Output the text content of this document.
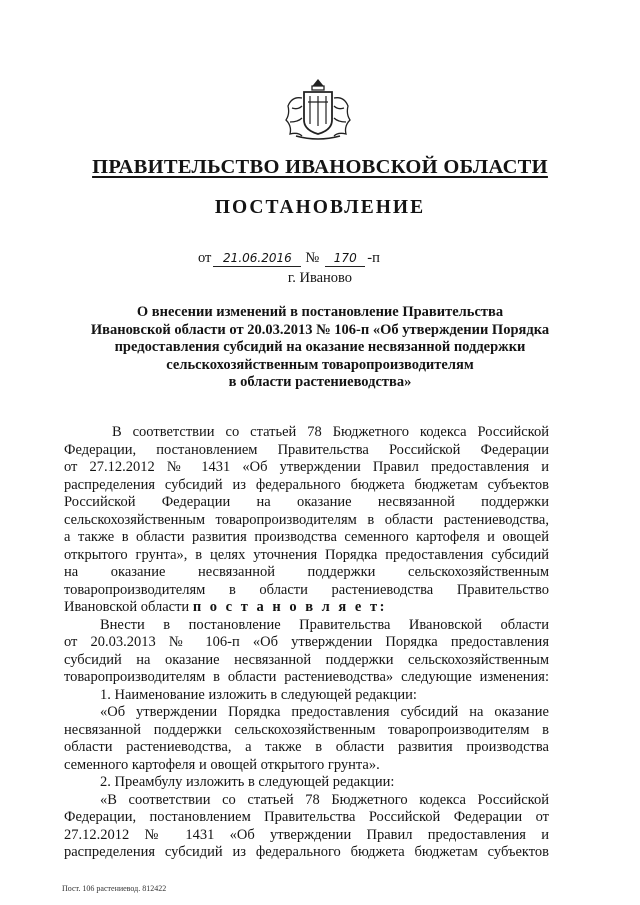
ПРАВИТЕЛЬСТВО ИВАНОВСКОЙ ОБЛАСТИ
ПОСТАНОВЛЕНИЕ
от 21.06.2016 № 170 -п
г. Иваново
О внесении изменений в постановление Правительства
Ивановской области от 20.03.2013 № 106-п «Об утверждении Порядка
предоставления субсидий на оказание несвязанной поддержки
сельскохозяйственным товаропроизводителям
в области растениеводства»
В соответствии со статьей 78 Бюджетного кодекса Российской
Федерации, постановлением Правительства Российской Федерации
от 27.12.2012 № 1431 «Об утверждении Правил предоставления и
распределения субсидий из федерального бюджета бюджетам субъектов
Российской Федерации на оказание несвязанной поддержки
сельскохозяйственным товаропроизводителям в области растениеводства,
а также в области развития производства семенного картофеля и овощей
открытого грунта», в целях уточнения Порядка предоставления субсидий
на оказание несвязанной поддержки сельскохозяйственным
товаропроизводителям в области растениеводства Правительство
Ивановской области п о с т а н о в л я е т:
Внести в постановление Правительства Ивановской области
от 20.03.2013 № 106-п «Об утверждении Порядка предоставления
субсидий на оказание несвязанной поддержки сельскохозяйственным
товаропроизводителям в области растениеводства» следующие изменения:
1. Наименование изложить в следующей редакции:
«Об утверждении Порядка предоставления субсидий на оказание
несвязанной поддержки сельскохозяйственным товаропроизводителям в
области растениеводства, а также в области развития производства
семенного картофеля и овощей открытого грунта».
2. Преамбулу изложить в следующей редакции:
«В соответствии со статьей 78 Бюджетного кодекса Российской
Федерации, постановлением Правительства Российской Федерации от
27.12.2012 № 1431 «Об утверждении Правил предоставления и
распределения субсидий из федерального бюджета бюджетам субъектов
Пост. 106 растениевод. 812422
